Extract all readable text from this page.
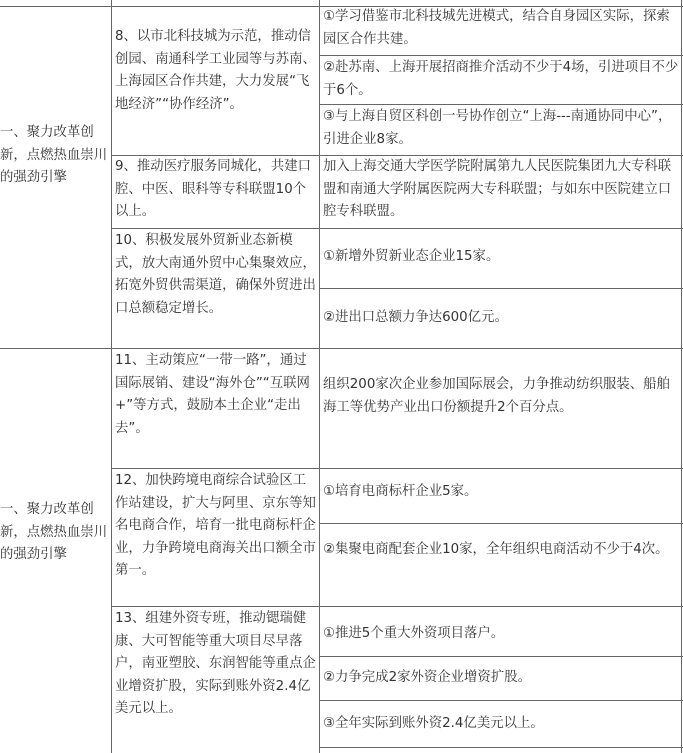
一、聚力改革创新，点燃热血崇川的强劲引擎
一、聚力改革创新，点燃热血崇川的强劲引擎
8、以市北科技城为示范，推动信创园、南通科学工业园等与苏南、上海园区合作共建，大力发展“飞地经济”“协作经济”。
9、推动医疗服务同城化，共建口腔、中医、眼科等专科联盟10个以上。
10、积极发展外贸新业态新模式，放大南通外贸中心集聚效应，拓宽外贸供需渠道，确保外贸进出口总额稳定增长。
11、主动策应“一带一路”，通过国际展销、建设“海外仓”“互联网+”等方式，鼓励本土企业“走出去”。
12、加快跨境电商综合试验区工作站建设，扩大与阿里、京东等知名电商合作，培育一批电商标杆企业，力争跨境电商海关出口额全市第一。
13、组建外资专班，推动锶瑞健康、大可智能等重大项目尽早落户，南亚塑胶、东润智能等重点企业增资扩股，实际到账外资2.4亿美元以上。
①学习借鉴市北科技城先进模式，结合自身园区实际，探索园区合作共建。
②赴苏南、上海开展招商推介活动不少于4场，引进项目不少于6个。
③与上海自贸区科创一号协作创立“上海---南通协同中心”，引进企业8家。
加入上海交通大学医学院附属第九人民医院集团九大专科联盟和南通大学附属医院两大专科联盟；与如东中医院建立口腔专科联盟。
①新增外贸新业态企业15家。
②进出口总额力争达600亿元。
组织200家次企业参加国际展会，力争推动纺织服装、船舶海工等优势产业出口份额提升2个百分点。
①培育电商标杆企业5家。
②集聚电商配套企业10家，全年组织电商活动不少于4次。
①推进5个重大外资项目落户。
②力争完成2家外资企业增资扩股。
③全年实际到账外资2.4亿美元以上。
